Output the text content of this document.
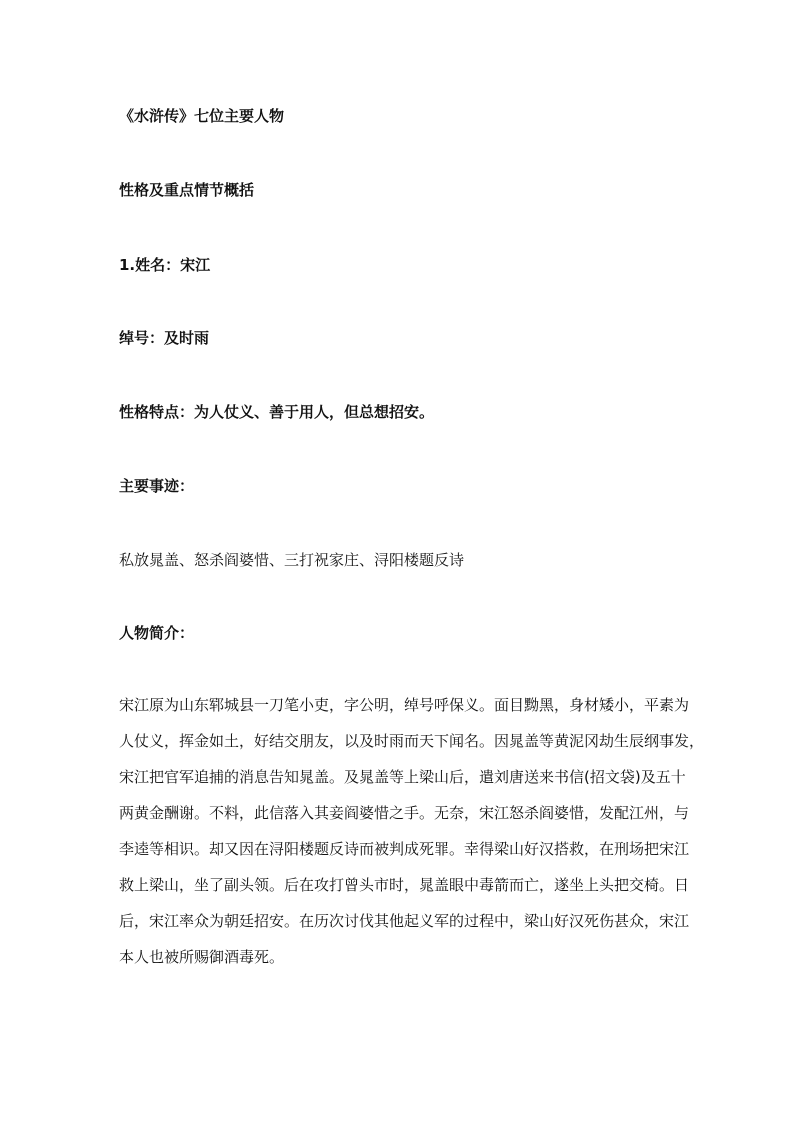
《水浒传》七位主要人物
性格及重点情节概括
1.姓名：宋江
绰号：及时雨
性格特点：为人仗义、善于用人，但总想招安。
主要事迹：
私放晁盖、怒杀阎婆惜、三打祝家庄、浔阳楼题反诗
人物简介：
宋江原为山东郓城县一刀笔小吏，字公明，绰号呼保义。面目黝黑，身材矮小，平素为
人仗义，挥金如土，好结交朋友，以及时雨而天下闻名。因晁盖等黄泥冈劫生辰纲事发，
宋江把官军追捕的消息告知晁盖。及晁盖等上梁山后，遣刘唐送来书信(招文袋)及五十
两黄金酬谢。不料，此信落入其妾阎婆惜之手。无奈，宋江怒杀阎婆惜，发配江州，与
李逵等相识。却又因在浔阳楼题反诗而被判成死罪。幸得梁山好汉搭救，在刑场把宋江
救上梁山，坐了副头领。后在攻打曾头市时，晁盖眼中毒箭而亡，遂坐上头把交椅。日
后，宋江率众为朝廷招安。在历次讨伐其他起义军的过程中，梁山好汉死伤甚众，宋江
本人也被所赐御酒毒死。
